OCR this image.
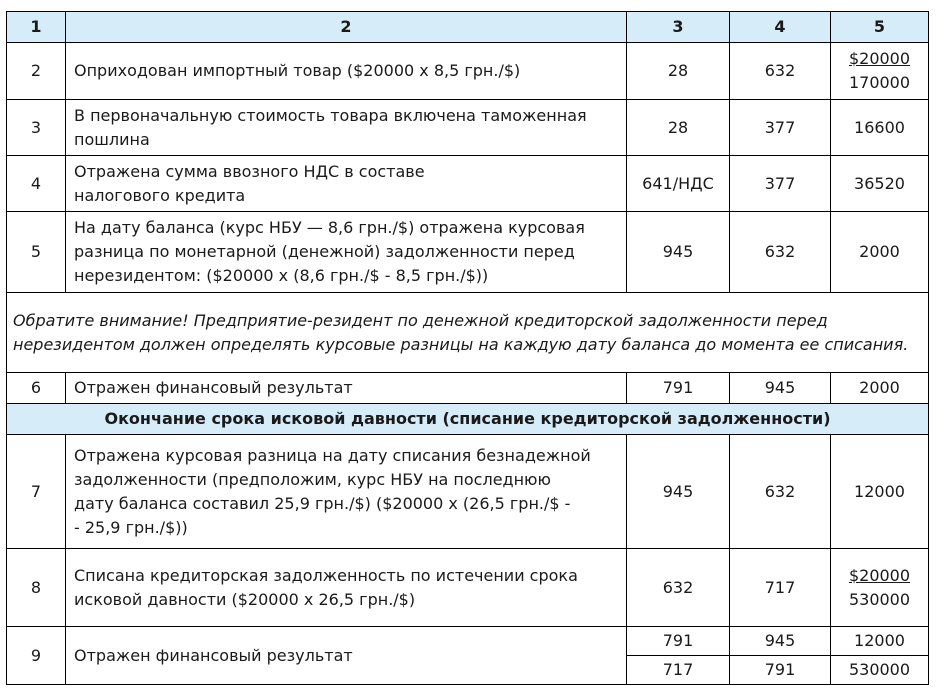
1	2	3	4	5
2	Оприходован импортный товар ($20000 х 8,5 грн./$)	28	632	$20000
170000

3	В первоначальную стоимость товара включена таможенная пошлина	28	377	16600
4	Отражена сумма ввозного НДС в составе
налогового кредита	641/НДС	377	36520
5	На дату баланса (курс НБУ — 8,6 грн./$) отражена курсовая разница по монетарной (денежной) задолженности перед нерезидентом: ($20000 х (8,6 грн./$ - 8,5 грн./$))	945	632	2000
Обратите внимание! Предприятие-резидент по денежной кредиторской задолженности перед нерезидентом должен определять курсовые разницы на каждую дату баланса до момента ее списания.				
6	Отражен финансовый результат	791	945	2000
Окончание срока исковой давности (списание кредиторской задолженности)				
7	Отражена курсовая разница на дату списания безнадежной
задолженности (предположим, курс НБУ на последнюю
дату баланса составил 25,9 грн./$) ($20000 х (26,5 грн./$ -
- 25,9 грн./$))	945	632	12000
8	Списана кредиторская задолженность по истечении срока исковой давности ($20000 х 26,5 грн./$)	632	717	$20000
530000

9	Отражен финансовый результат	791	945	12000
		717	791	530000
